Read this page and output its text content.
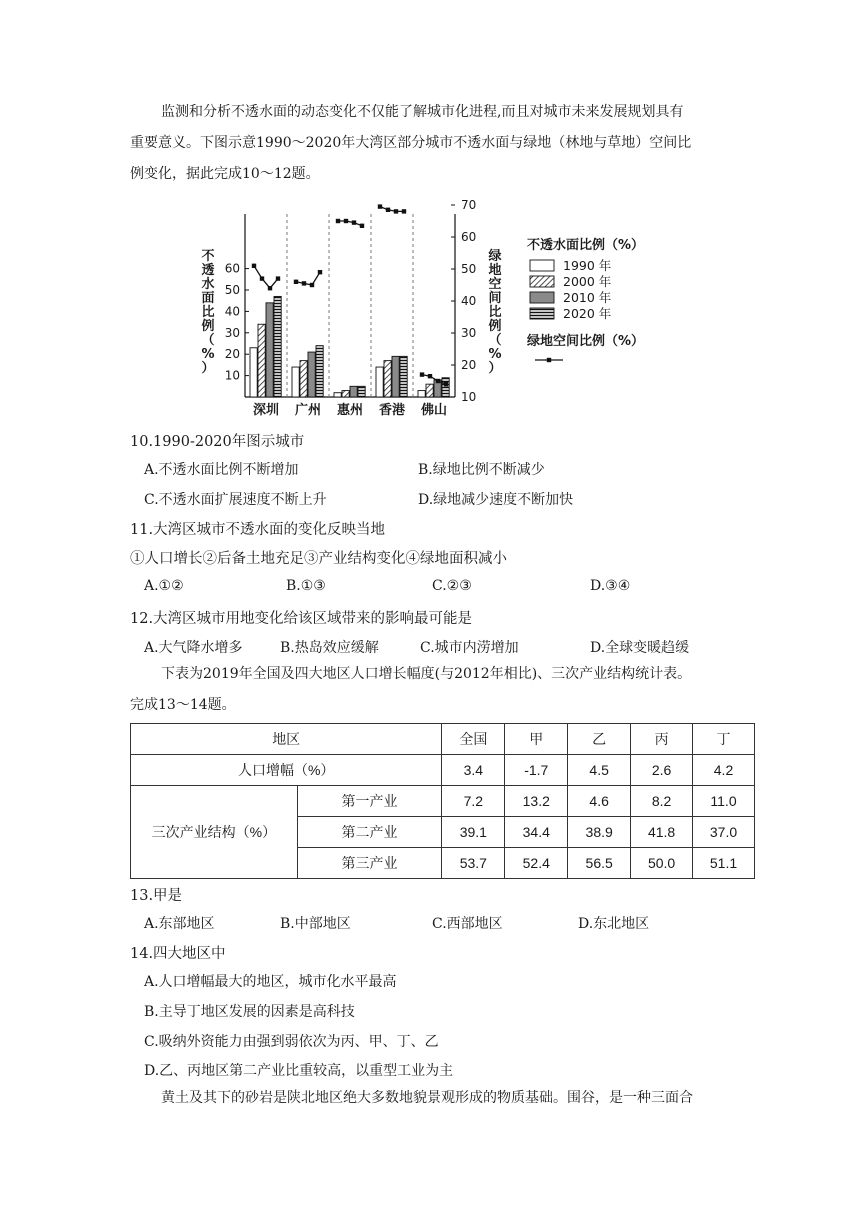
监测和分析不透水面的动态变化不仅能了解城市化进程,而且对城市未来发展规划具有
重要意义。下图示意1990～2020年大湾区部分城市不透水面与绿地（林地与草地）空间比
例变化，据此完成10～12题。
10
20
30
40
50
60
10
20
30
40
50
60
70
不透水面比例（%）
绿地空间比例（%）
深圳 广州 惠州 香港 佛山
不透水面比例（%）
1990 年
2000 年
2010 年
2020 年
绿地空间比例（%）
10.1990-2020年图示城市
A.不透水面比例不断增加	B.绿地比例不断减少
C.不透水面扩展速度不断上升	D.绿地减少速度不断加快
11.大湾区城市不透水面的变化反映当地
①人口增长②后备土地充足③产业结构变化④绿地面积减小
A.①②	B.①③	C.②③	D.③④
12.大湾区城市用地变化给该区域带来的影响最可能是
A.大气降水增多	B.热岛效应缓解	C.城市内涝增加	D.全球变暖趋缓
下表为2019年全国及四大地区人口增长幅度(与2012年相比)、三次产业结构统计表。
完成13～14题。
地区		全国	甲	乙	丙	丁
人口增幅（%）		3.4	-1.7	4.5	2.6	4.2
三次产业结构（%）	第一产业	7.2	13.2	4.6	8.2	11.0
	第二产业	39.1	34.4	38.9	41.8	37.0
	第三产业	53.7	52.4	56.5	50.0	51.1
13.甲是
A.东部地区	B.中部地区	C.西部地区	D.东北地区
14.四大地区中
A.人口增幅最大的地区，城市化水平最高
B.主导丁地区发展的因素是高科技
C.吸纳外资能力由强到弱依次为丙、甲、丁、乙
D.乙、丙地区第二产业比重较高，以重型工业为主
黄土及其下的砂岩是陕北地区绝大多数地貌景观形成的物质基础。围谷，是一种三面合
